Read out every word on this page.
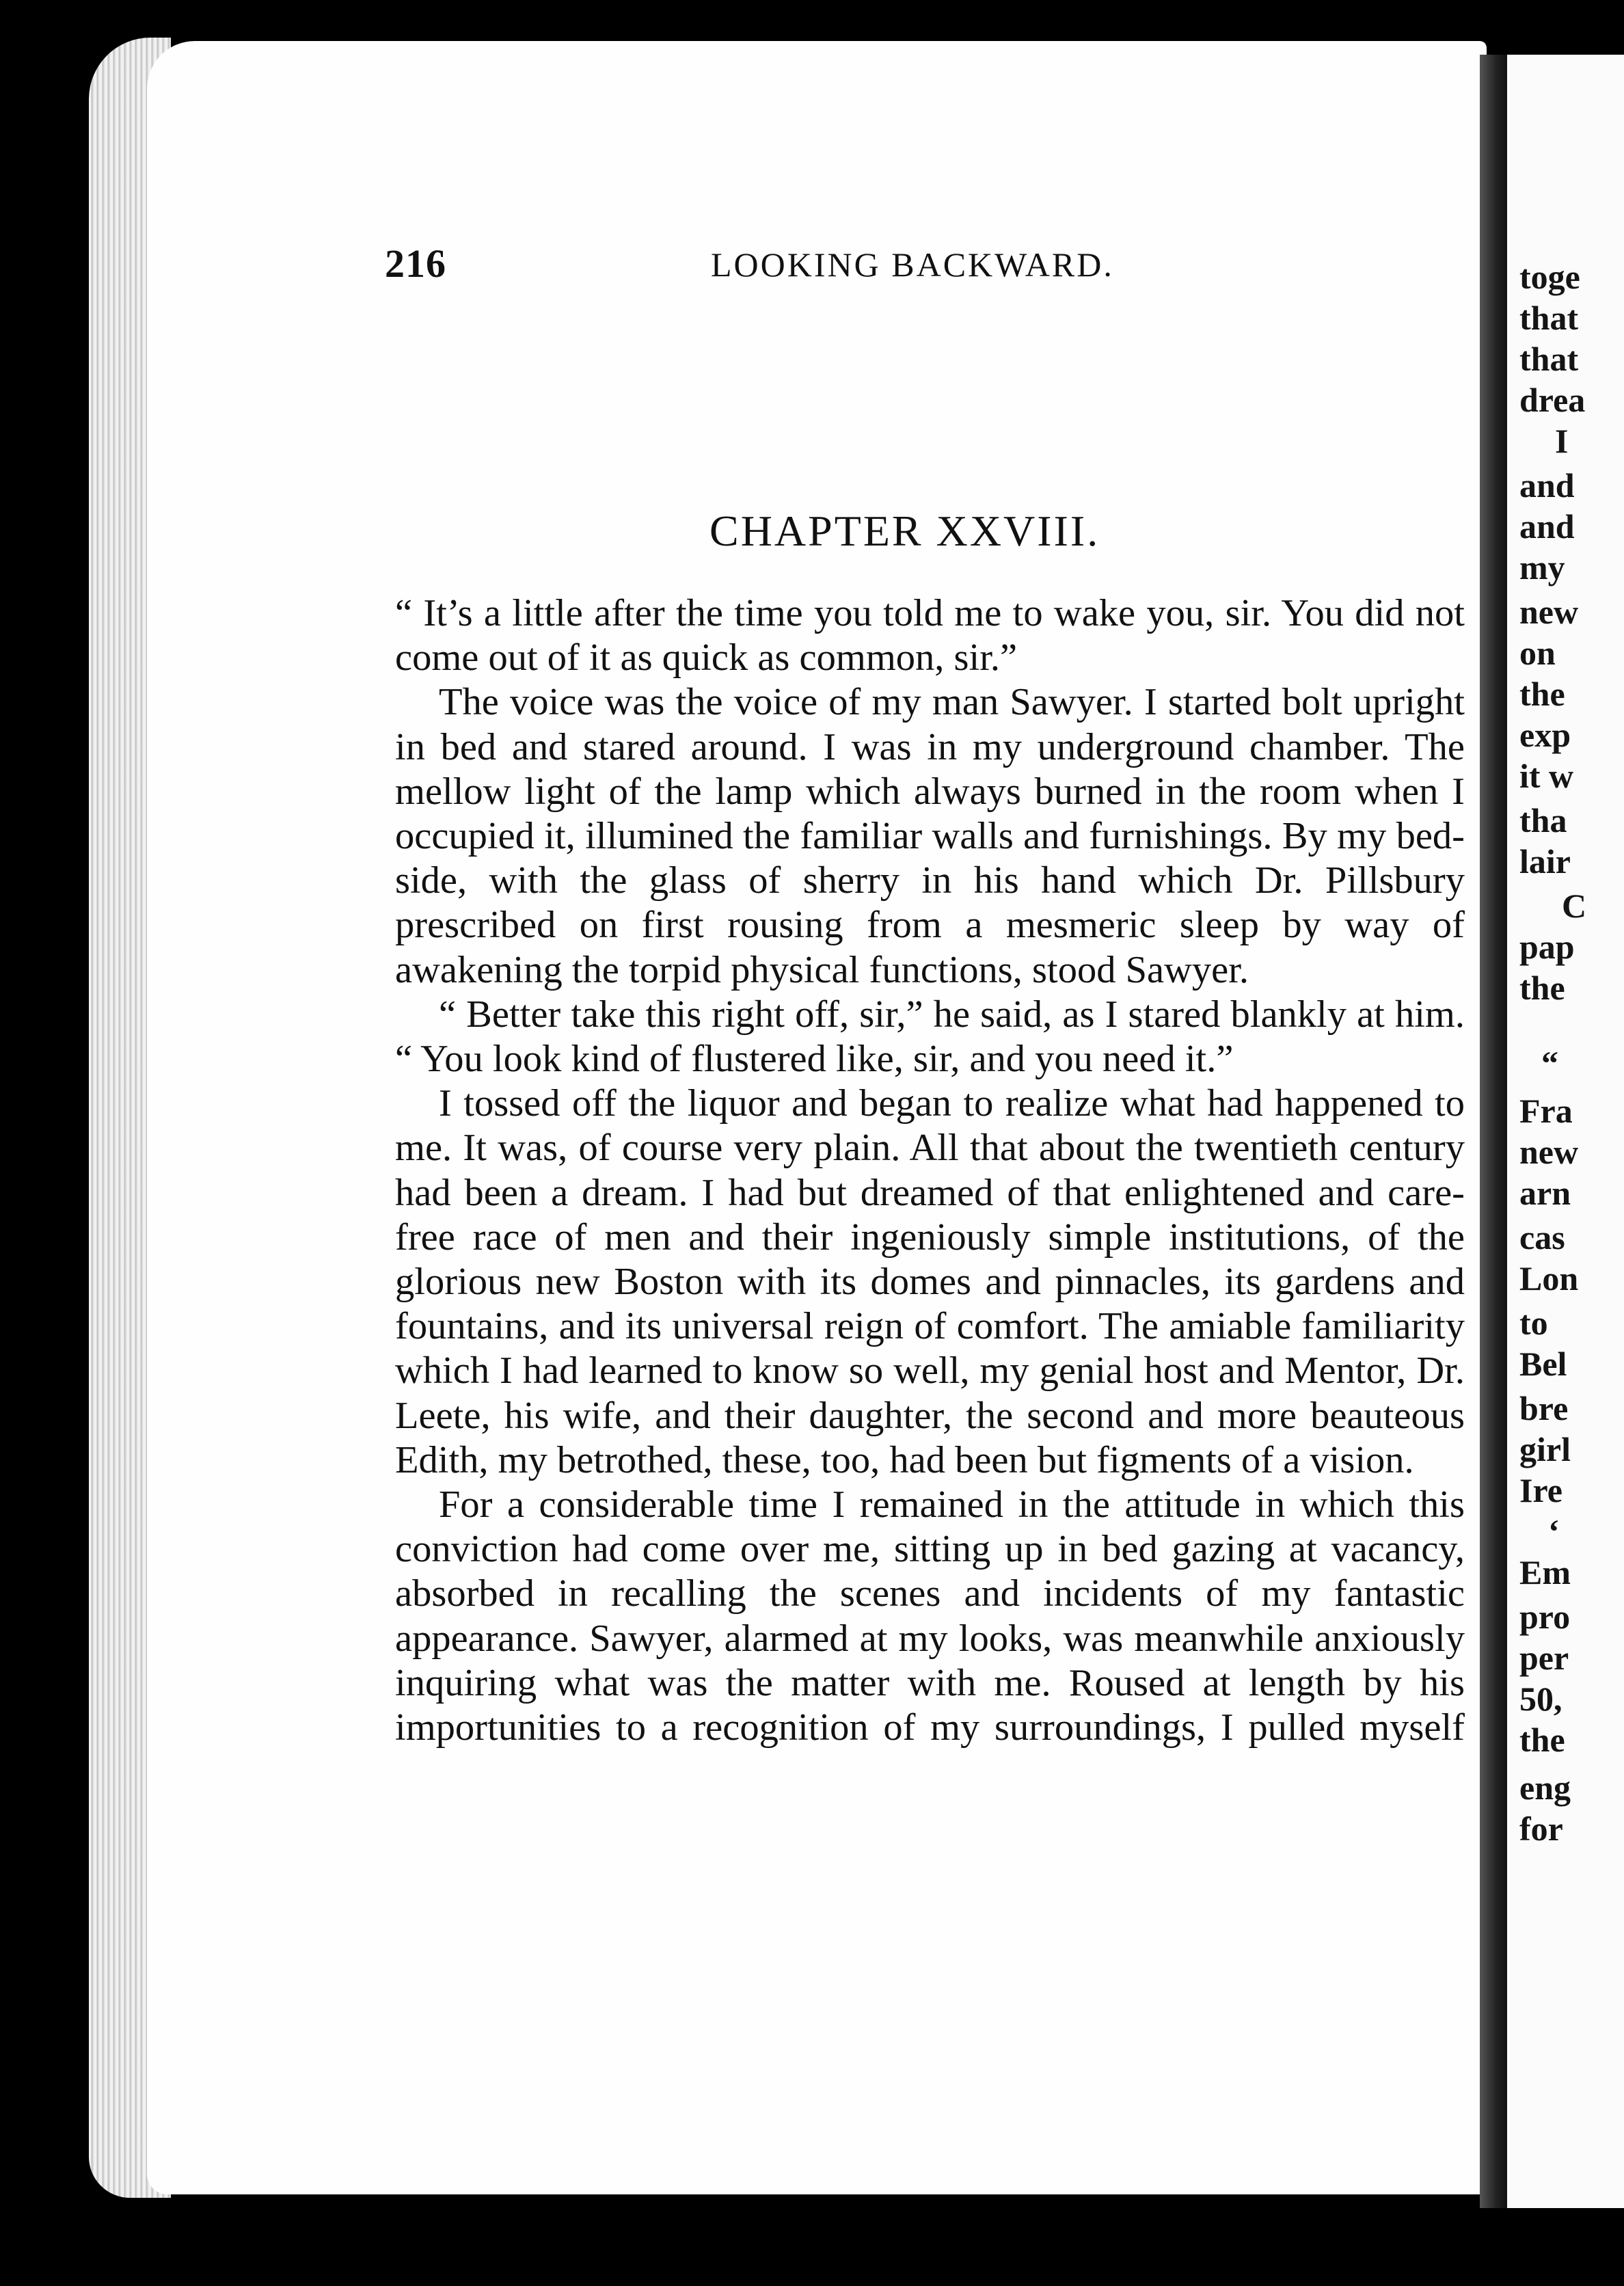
toge
that
that
drea
I
and
and
my
new
on
the
exp
it w
tha
lair
C
pap
the
“
Fra
new
arn
cas
Lon
to
Bel
bre
girl
Ire
‘
Em
pro
per
50,
the
eng
for
216	LOOKING BACKWARD.
CHAPTER XXVIII.

“ It’s a little after the time you told me to wake you, sir. You did not come out of it as quick as common, sir.”

The voice was the voice of my man Sawyer. I started bolt upright in bed and stared around. I was in my underground chamber. The mellow light of the lamp which always burned in the room when I occupied it, illumined the familiar walls and furnishings. By my bed-side, with the glass of sherry in his hand which Dr. Pillsbury prescribed on first rousing from a mesmeric sleep by way of awakening the torpid physical functions, stood Sawyer.

“ Better take this right off, sir,” he said, as I stared blankly at him. “ You look kind of flustered like, sir, and you need it.”

I tossed off the liquor and began to realize what had happened to me. It was, of course very plain. All that about the twentieth century had been a dream. I had but dreamed of that enlightened and care-free race of men and their ingeniously simple institutions, of the glorious new Boston with its domes and pinnacles, its gardens and fountains, and its universal reign of comfort. The amiable familiarity which I had learned to know so well, my genial host and Mentor, Dr. Leete, his wife, and their daughter, the second and more beauteous Edith, my betrothed, these, too, had been but figments of a vision.

For a considerable time I remained in the attitude in which this conviction had come over me, sitting up in bed gazing at vacancy, absorbed in recalling the scenes and incidents of my fantastic appearance. Sawyer, alarmed at my looks, was meanwhile anxiously inquiring what was the matter with me. Roused at length by his importunities to a recognition of my surroundings, I pulled myself
